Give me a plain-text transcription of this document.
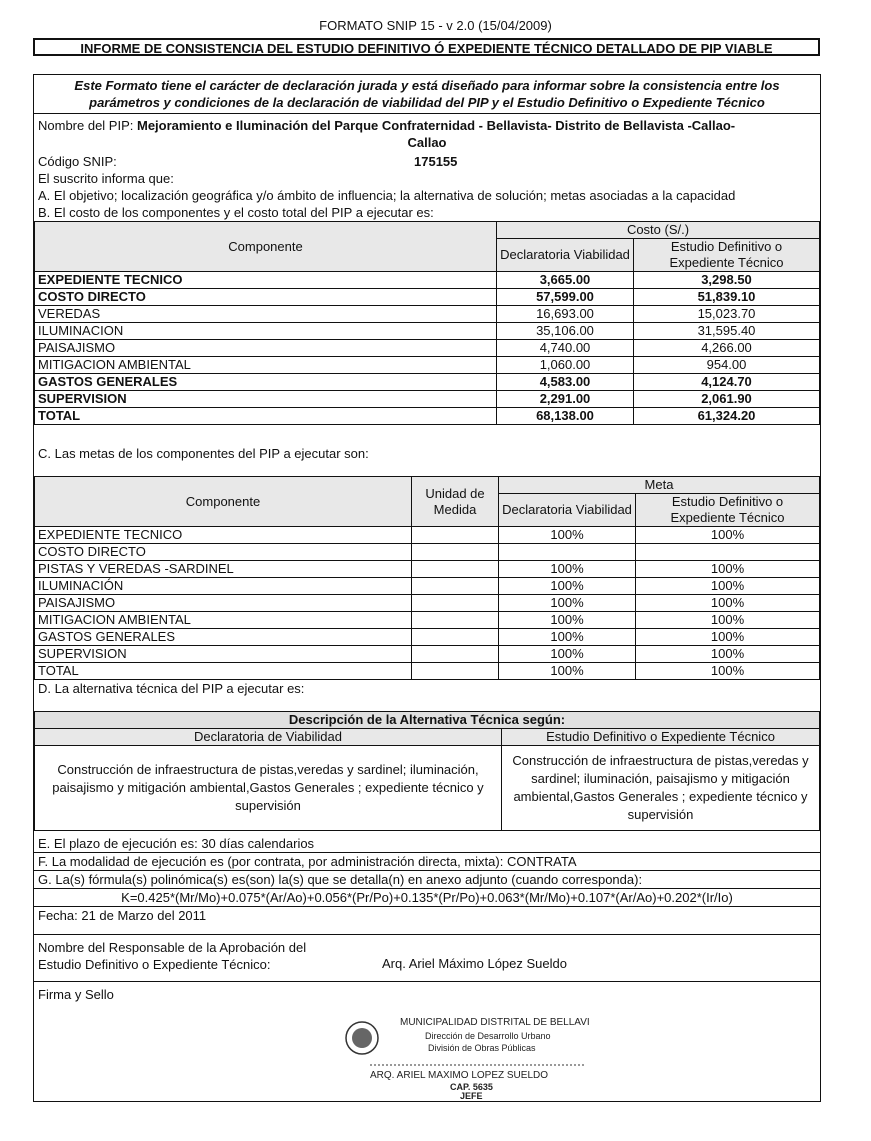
FORMATO SNIP 15 - v 2.0 (15/04/2009)
INFORME DE CONSISTENCIA DEL ESTUDIO DEFINITIVO Ó EXPEDIENTE TÉCNICO DETALLADO DE PIP VIABLE
Este Formato tiene el carácter de declaración jurada y está diseñado para informar sobre la consistencia entre los parámetros y condiciones de la declaración de viabilidad del PIP y el Estudio Definitivo o Expediente Técnico
Nombre del PIP: Mejoramiento e Iluminación del Parque Confraternidad - Bellavista- Distrito de Bellavista -Callao-
Callao
Código SNIP:	175155
El suscrito informa que:
A. El objetivo; localización geográfica y/o ámbito de influencia; la alternativa de solución; metas asociadas a la capacidad
B. El costo de los componentes y el costo total del PIP a ejecutar es:
Componente	Costo (S/.)	
	Declaratoria Viabilidad	Estudio Definitivo o Expediente Técnico
EXPEDIENTE TECNICO	3,665.00	3,298.50
COSTO DIRECTO	57,599.00	51,839.10
VEREDAS	16,693.00	15,023.70
ILUMINACION	35,106.00	31,595.40
PAISAJISMO	4,740.00	4,266.00
MITIGACION AMBIENTAL	1,060.00	954.00
GASTOS GENERALES	4,583.00	4,124.70
SUPERVISION	2,291.00	2,061.90
TOTAL	68,138.00	61,324.20
C. Las metas de los componentes del PIP a ejecutar son:
Componente	Unidad de Medida	Meta	
		Declaratoria Viabilidad	Estudio Definitivo o Expediente Técnico
EXPEDIENTE TECNICO		100%	100%
COSTO DIRECTO			
PISTAS Y VEREDAS -SARDINEL		100%	100%
ILUMINACIÓN		100%	100%
PAISAJISMO		100%	100%
MITIGACION AMBIENTAL		100%	100%
GASTOS GENERALES		100%	100%
SUPERVISION		100%	100%
TOTAL		100%	100%
D. La alternativa técnica del PIP a ejecutar es:
Descripción de la Alternativa Técnica según:	
Declaratoria de Viabilidad	Estudio Definitivo o Expediente Técnico
Construcción de infraestructura de pistas,veredas y sardinel; iluminación, paisajismo y mitigación ambiental,Gastos Generales ; expediente técnico y supervisión	Construcción de infraestructura de pistas,veredas y sardinel; iluminación, paisajismo y mitigación ambiental,Gastos Generales ; expediente técnico y supervisión
E. El plazo de ejecución es: 30 días calendarios
F. La modalidad de ejecución es (por contrata, por administración directa, mixta): CONTRATA
G. La(s) fórmula(s) polinómica(s) es(son) la(s) que se detalla(n) en anexo adjunto (cuando corresponda):
K=0.425*(Mr/Mo)+0.075*(Ar/Ao)+0.056*(Pr/Po)+0.135*(Pr/Po)+0.063*(Mr/Mo)+0.107*(Ar/Ao)+0.202*(Ir/Io)
Fecha: 21 de Marzo del 2011
Nombre del Responsable de la Aprobación del
Estudio Definitivo o Expediente Técnico:	Arq. Ariel Máximo López Sueldo
Firma y Sello
MUNICIPALIDAD DISTRITAL DE BELLAVISTA
Dirección de Desarrollo Urbano
División de Obras Públicas
ARQ. ARIEL MAXIMO LOPEZ SUELDO
CAP. 5635
JEFE
